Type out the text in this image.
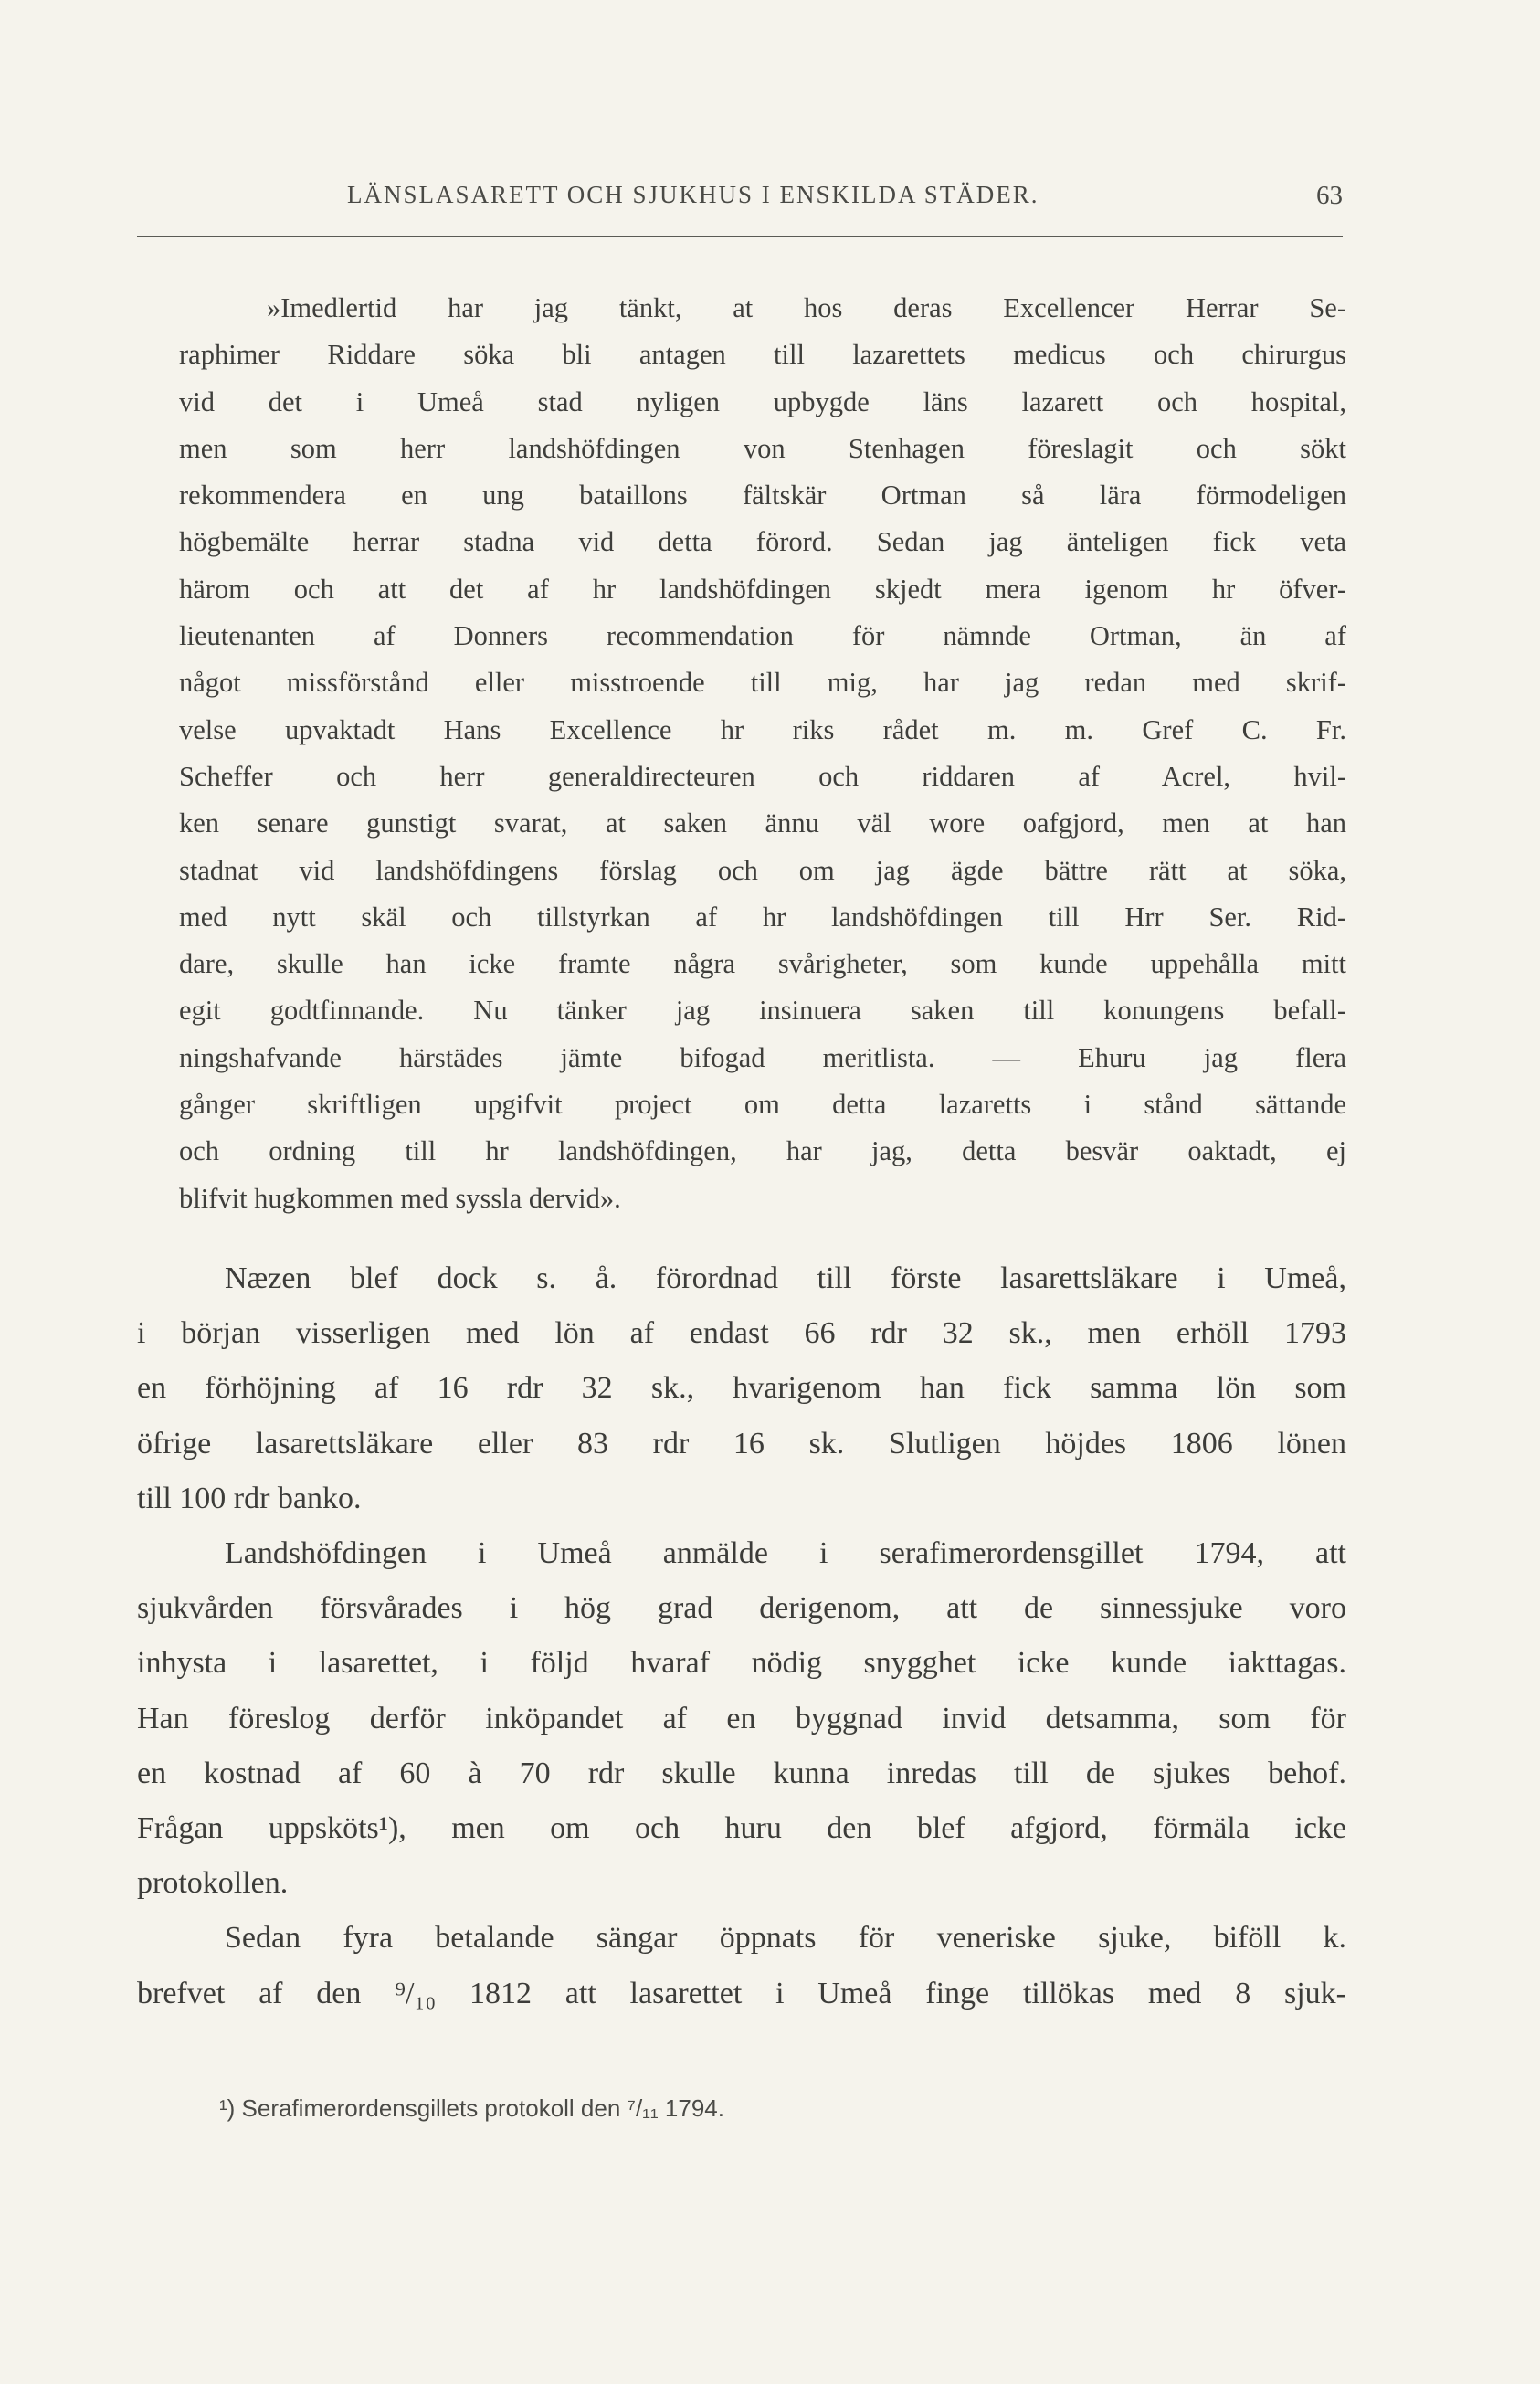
LÄNSLASARETT OCH SJUKHUS I ENSKILDA STÄDER.	63
»Imedlertid har jag tänkt, at hos deras Excellencer Herrar Se-
raphimer Riddare söka bli antagen till lazarettets medicus och chirurgus
vid det i Umeå stad nyligen upbygde läns lazarett och hospital,
men som herr landshöfdingen von Stenhagen föreslagit och sökt
rekommendera en ung bataillons fältskär Ortman så lära förmodeligen
högbemälte herrar stadna vid detta förord. Sedan jag änteligen fick veta
härom och att det af hr landshöfdingen skjedt mera igenom hr öfver-
lieutenanten af Donners recommendation för nämnde Ortman, än af
något missförstånd eller misstroende till mig, har jag redan med skrif-
velse upvaktadt Hans Excellence hr riks rådet m. m. Gref C. Fr.
Scheffer och herr generaldirecteuren och riddaren af Acrel, hvil-
ken senare gunstigt svarat, at saken ännu väl wore oafgjord, men at han
stadnat vid landshöfdingens förslag och om jag ägde bättre rätt at söka,
med nytt skäl och tillstyrkan af hr landshöfdingen till Hrr Ser. Rid-
dare, skulle han icke framte några svårigheter, som kunde uppehålla mitt
egit godtfinnande. Nu tänker jag insinuera saken till konungens befall-
ningshafvande härstädes jämte bifogad meritlista. — Ehuru jag flera
gånger skriftligen upgifvit project om detta lazaretts i stånd sättande
och ordning till hr landshöfdingen, har jag, detta besvär oaktadt, ej
blifvit hugkommen med syssla dervid».
Næzen blef dock s. å. förordnad till förste lasarettsläkare i Umeå,
i början visserligen med lön af endast 66 rdr 32 sk., men erhöll 1793
en förhöjning af 16 rdr 32 sk., hvarigenom han fick samma lön som
öfrige lasarettsläkare eller 83 rdr 16 sk. Slutligen höjdes 1806 lönen
till 100 rdr banko.
Landshöfdingen i Umeå anmälde i serafimerordensgillet 1794, att
sjukvården försvårades i hög grad derigenom, att de sinnessjuke voro
inhysta i lasarettet, i följd hvaraf nödig snygghet icke kunde iakttagas.
Han föreslog derför inköpandet af en byggnad invid detsamma, som för
en kostnad af 60 à 70 rdr skulle kunna inredas till de sjukes behof.
Frågan uppsköts¹), men om och huru den blef afgjord, förmäla icke
protokollen.
Sedan fyra betalande sängar öppnats för veneriske sjuke, biföll k.
brefvet af den ⁹/₁₀ 1812 att lasarettet i Umeå finge tillökas med 8 sjuk-
¹) Serafimerordensgillets protokoll den ⁷/₁₁ 1794.
